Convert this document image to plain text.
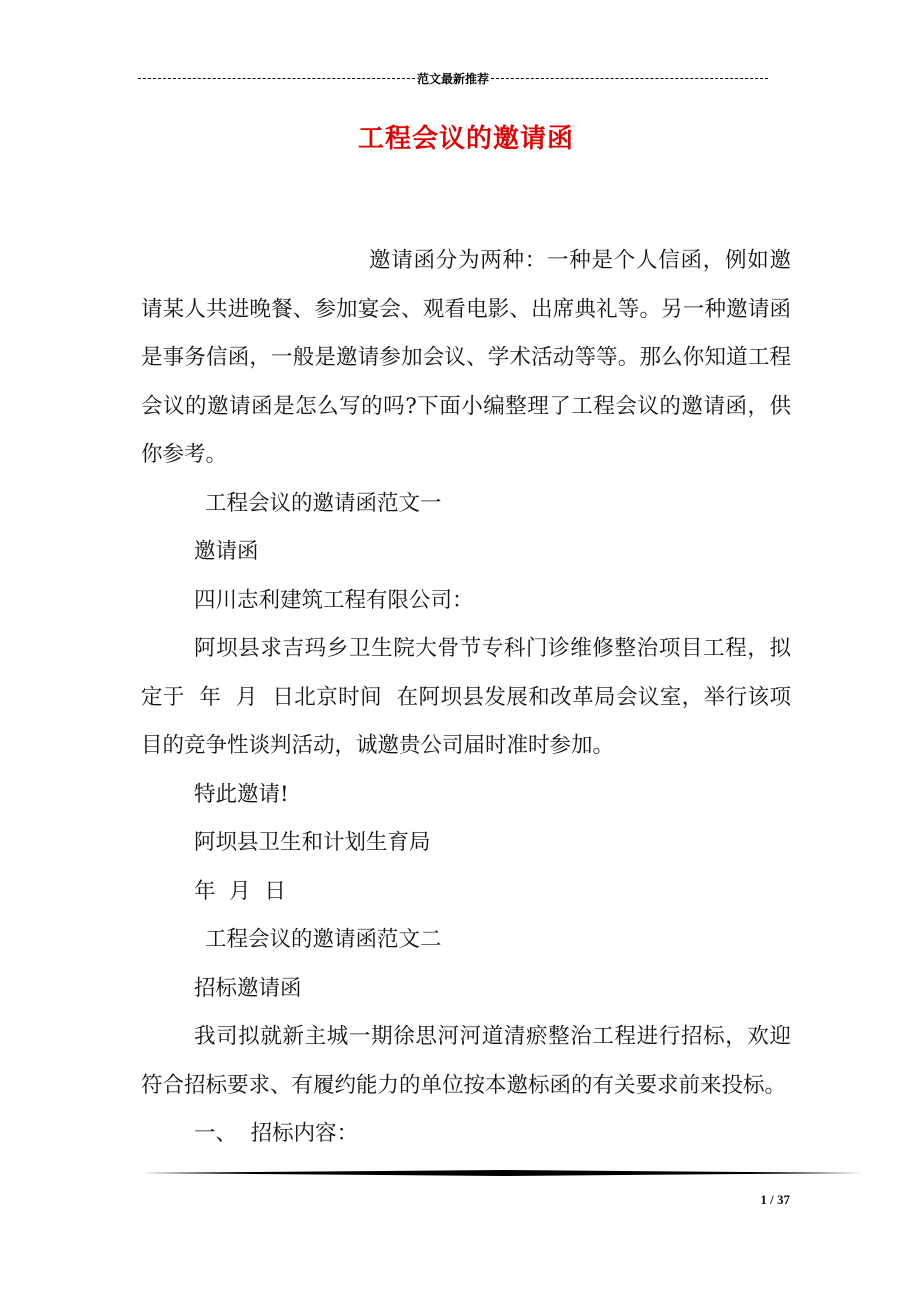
范文最新推荐
工程会议的邀请函

邀请函分为两种：一种是个人信函，例如邀请某人共进晚餐、参加宴会、观看电影、出席典礼等。另一种邀请函是事务信函，一般是邀请参加会议、学术活动等等。那么你知道工程会议的邀请函是怎么写的吗?下面小编整理了工程会议的邀请函，供你参考。

工程会议的邀请函范文一

邀请函

四川志利建筑工程有限公司：

阿坝县求吉玛乡卫生院大骨节专科门诊维修整治项目工程，拟定于  年  月  日北京时间  在阿坝县发展和改革局会议室，举行该项目的竞争性谈判活动，诚邀贵公司届时准时参加。

特此邀请!

阿坝县卫生和计划生育局

年  月  日

工程会议的邀请函范文二

招标邀请函

我司拟就新主城一期徐思河河道清瘀整治工程进行招标，欢迎符合招标要求、有履约能力的单位按本邀标函的有关要求前来投标。

一、  招标内容：

1 / 37
